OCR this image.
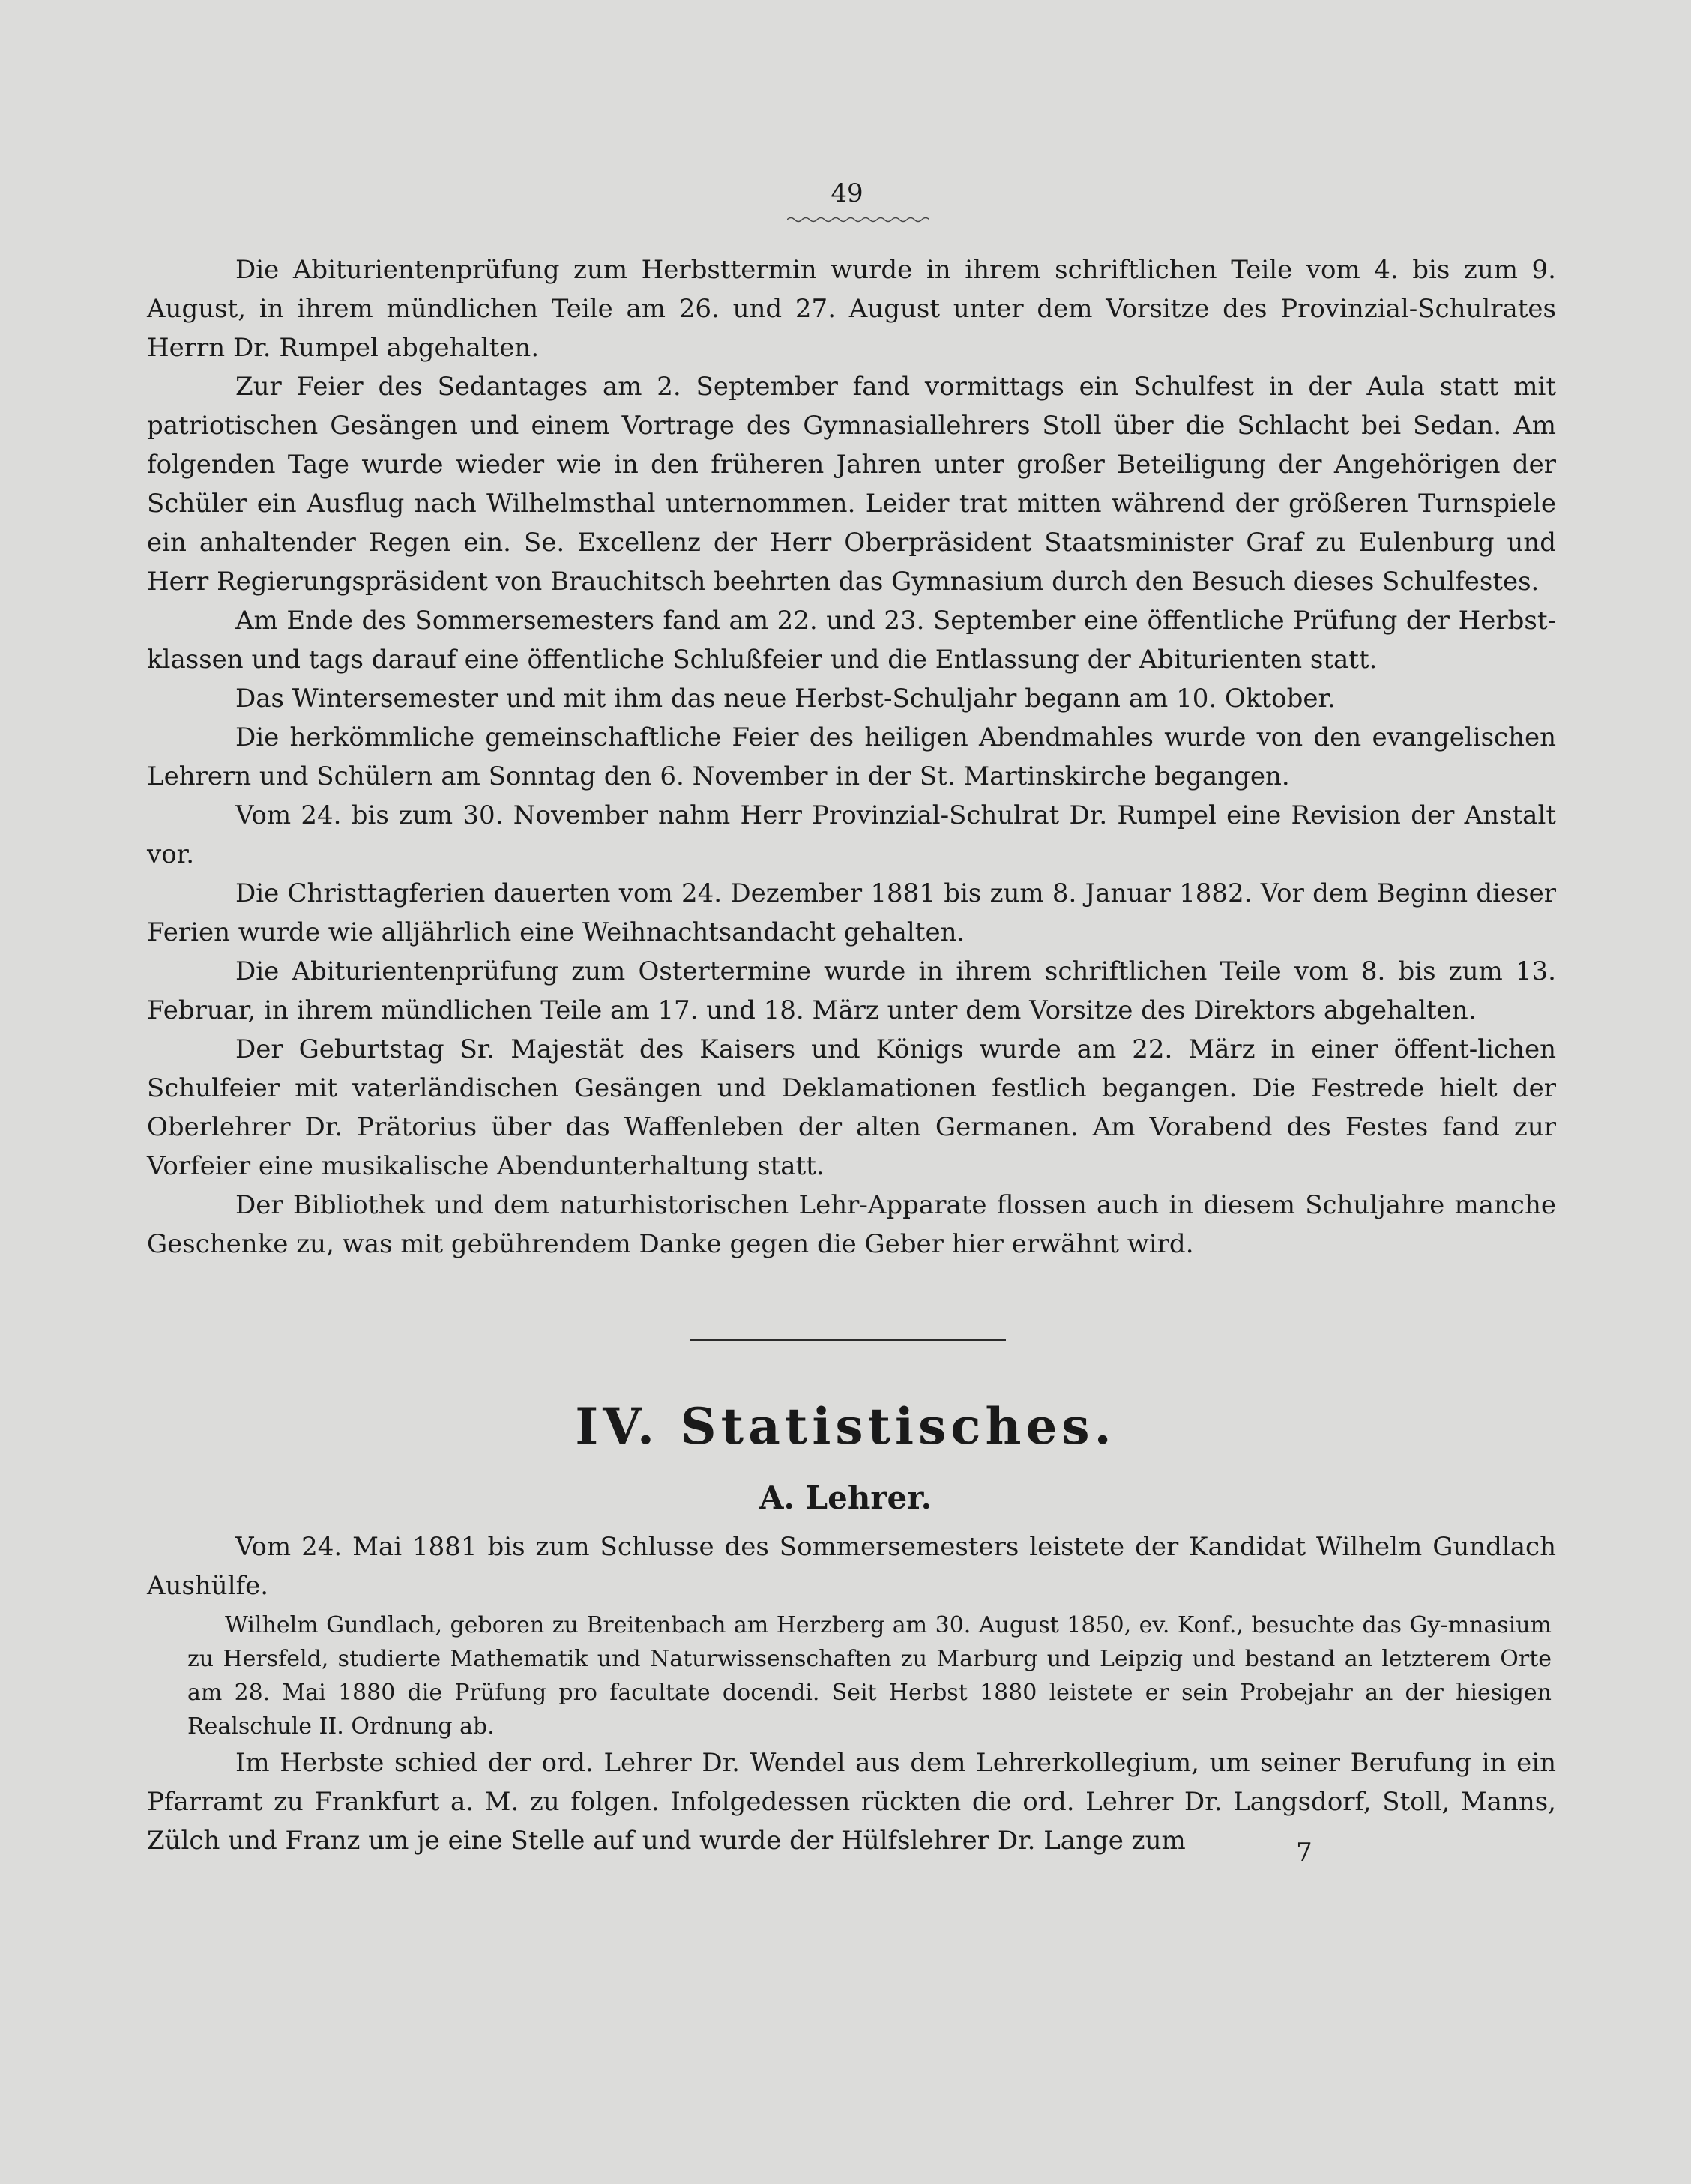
49

Die Abiturientenprüfung zum Herbsttermin wurde in ihrem schriftlichen Teile vom 4. bis zum 9. August, in ihrem mündlichen Teile am 26. und 27. August unter dem Vorsitze des Provinzial-Schulrates Herrn Dr. Rumpel abgehalten.

Zur Feier des Sedantages am 2. September fand vormittags ein Schulfest in der Aula statt mit patriotischen Gesängen und einem Vortrage des Gymnasiallehrers Stoll über die Schlacht bei Sedan. Am folgenden Tage wurde wieder wie in den früheren Jahren unter großer Beteiligung der Angehörigen der Schüler ein Ausflug nach Wilhelmsthal unternommen. Leider trat mitten während der größeren Turnspiele ein anhaltender Regen ein. Se. Excellenz der Herr Oberpräsident Staatsminister Graf zu Eulenburg und Herr Regierungspräsident von Brauchitsch beehrten das Gymnasium durch den Besuch dieses Schulfestes.

Am Ende des Sommersemesters fand am 22. und 23. September eine öffentliche Prüfung der Herbst-klassen und tags darauf eine öffentliche Schlußfeier und die Entlassung der Abiturienten statt.

Das Wintersemester und mit ihm das neue Herbst-Schuljahr begann am 10. Oktober.

Die herkömmliche gemeinschaftliche Feier des heiligen Abendmahles wurde von den evangelischen Lehrern und Schülern am Sonntag den 6. November in der St. Martinskirche begangen.

Vom 24. bis zum 30. November nahm Herr Provinzial-Schulrat Dr. Rumpel eine Revision der Anstalt vor.

Die Christtagferien dauerten vom 24. Dezember 1881 bis zum 8. Januar 1882. Vor dem Beginn dieser Ferien wurde wie alljährlich eine Weihnachtsandacht gehalten.

Die Abiturientenprüfung zum Ostertermine wurde in ihrem schriftlichen Teile vom 8. bis zum 13. Februar, in ihrem mündlichen Teile am 17. und 18. März unter dem Vorsitze des Direktors abgehalten.

Der Geburtstag Sr. Majestät des Kaisers und Königs wurde am 22. März in einer öffent-lichen Schulfeier mit vaterländischen Gesängen und Deklamationen festlich begangen. Die Festrede hielt der Oberlehrer Dr. Prätorius über das Waffenleben der alten Germanen. Am Vorabend des Festes fand zur Vorfeier eine musikalische Abendunterhaltung statt.

Der Bibliothek und dem naturhistorischen Lehr-Apparate flossen auch in diesem Schuljahre manche Geschenke zu, was mit gebührendem Danke gegen die Geber hier erwähnt wird.

IV. Statistisches.
A. Lehrer.

Vom 24. Mai 1881 bis zum Schlusse des Sommersemesters leistete der Kandidat Wilhelm Gundlach Aushülfe.

Wilhelm Gundlach, geboren zu Breitenbach am Herzberg am 30. August 1850, ev. Konf., besuchte das Gy-mnasium zu Hersfeld, studierte Mathematik und Naturwissenschaften zu Marburg und Leipzig und bestand an letzterem Orte am 28. Mai 1880 die Prüfung pro facultate docendi. Seit Herbst 1880 leistete er sein Probejahr an der hiesigen Realschule II. Ordnung ab.

Im Herbste schied der ord. Lehrer Dr. Wendel aus dem Lehrerkollegium, um seiner Berufung in ein Pfarramt zu Frankfurt a. M. zu folgen. Infolgedessen rückten die ord. Lehrer Dr. Langsdorf, Stoll, Manns, Zülch und Franz um je eine Stelle auf und wurde der Hülfslehrer Dr. Lange zum	7
